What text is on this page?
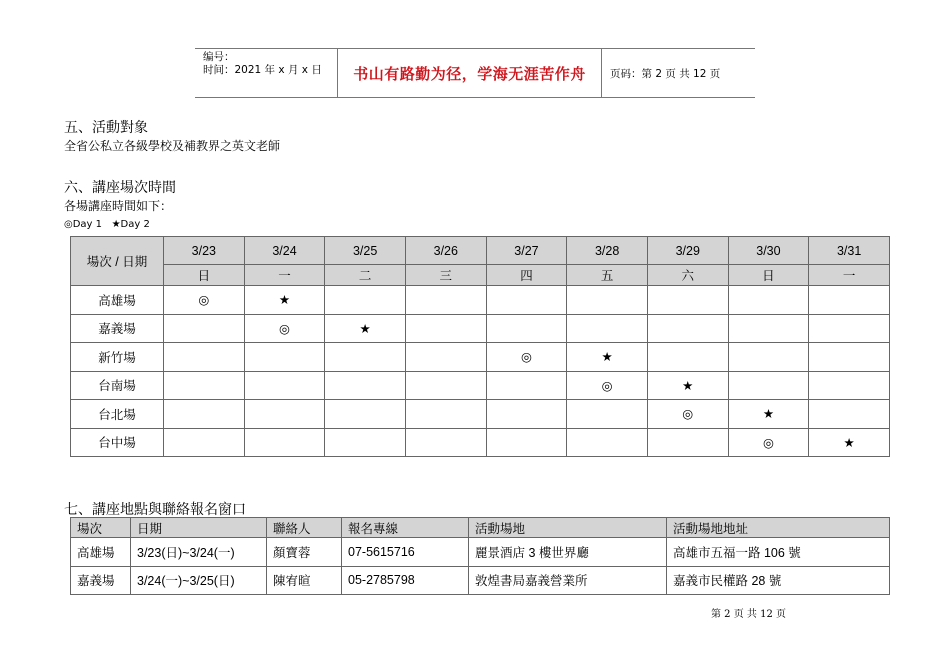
编号：
时间：2021 年 x 月 x 日	书山有路勤为径，学海无涯苦作舟	页码：第 2 页 共 12 页
五、活動對象
全省公私立各級學校及補教界之英文老師
六、講座場次時間
各場講座時間如下：
◎Day 1 ★Day 2
場次 / 日期	3/23	3/24	3/25	3/26	3/27	3/28	3/29	3/30	3/31
	日	一	二	三	四	五	六	日	一
高雄場	◎	★							
嘉義場		◎	★						
新竹場					◎	★			
台南場						◎	★		
台北場							◎	★	
台中場								◎	★
七、講座地點與聯絡報名窗口
場次	日期	聯絡人	報名專線	活動場地	活動場地地址
高雄場	3/23(日)~3/24(一)	顏寶蓉	07-5615716	麗景酒店 3 樓世界廳	高雄市五福一路 106 號
嘉義場	3/24(一)~3/25(日)	陳宥暄	05-2785798	敦煌書局嘉義營業所	嘉義市民權路 28 號
第 2 页 共 12 页
